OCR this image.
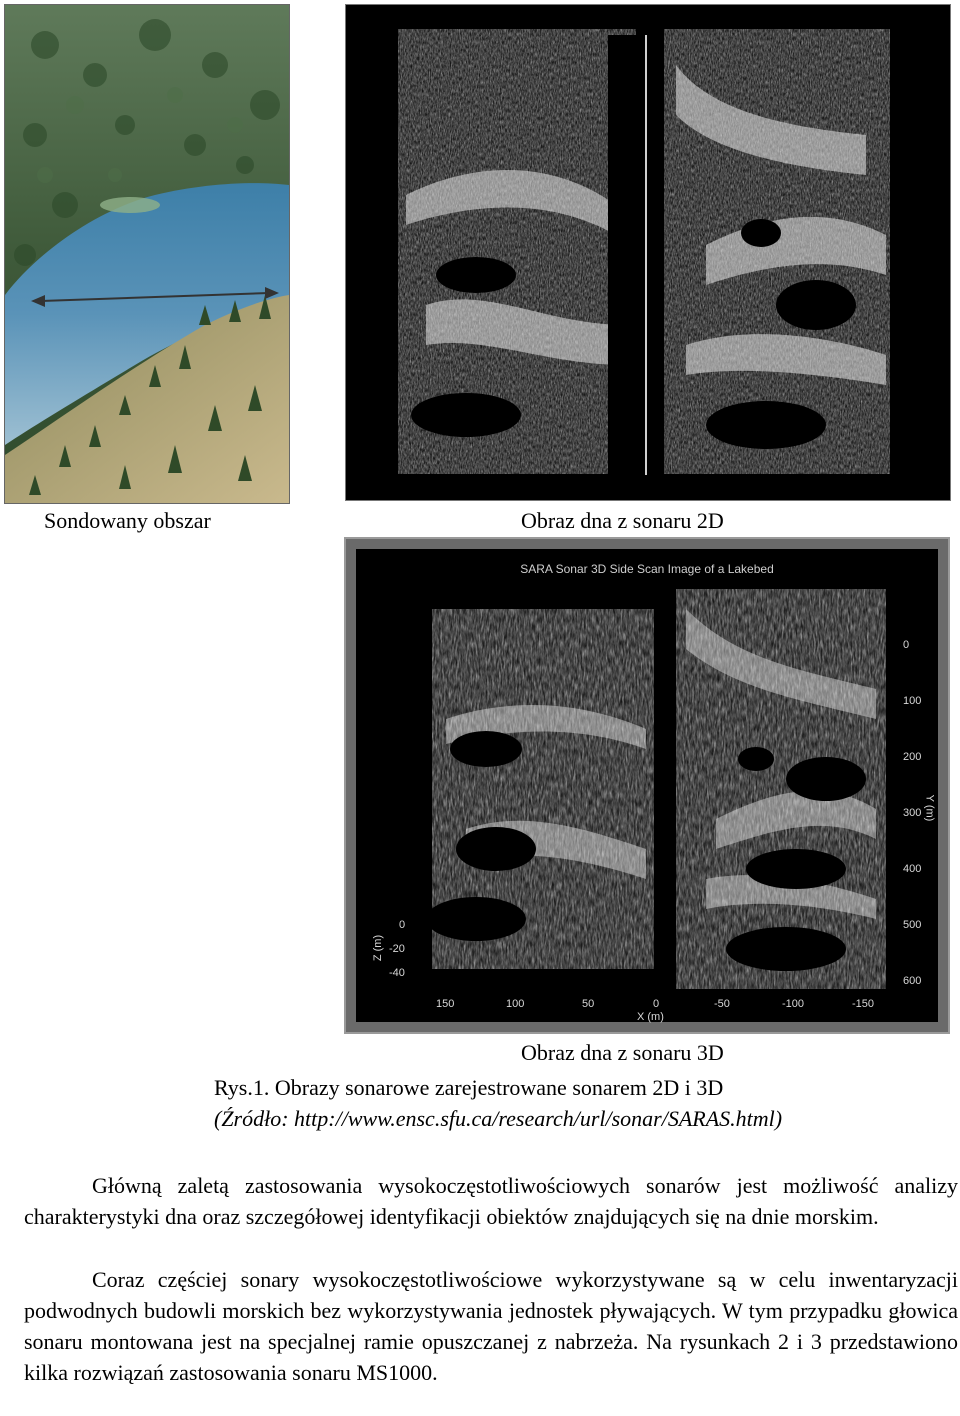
SARA Sonar 3D Side Scan Image of a Lakebed
0
100
200
300
400
500
600
Y (m)
0
-20
-40
Z (m)
150	100	50	0	-50	-100	-150
X (m)
Sondowany obszar	Obraz dna z sonaru 2D
Obraz dna z sonaru 3D
Rys.1. Obrazy sonarowe zarejestrowane sonarem 2D i 3D
(Źródło: http://www.ensc.sfu.ca/research/url/sonar/SARAS.html)
Główną zaletą zastosowania wysokoczęstotliwościowych sonarów jest możliwość analizy charakterystyki dna oraz szczegółowej identyfikacji obiektów znajdujących się na dnie morskim.
Coraz częściej sonary wysokoczęstotliwościowe wykorzystywane są w celu inwentaryzacji podwodnych budowli morskich bez wykorzystywania jednostek pływających. W tym przypadku głowica sonaru montowana jest na specjalnej ramie opuszczanej z nabrzeża. Na rysunkach 2 i 3 przedstawiono kilka rozwiązań zastosowania sonaru MS1000.
